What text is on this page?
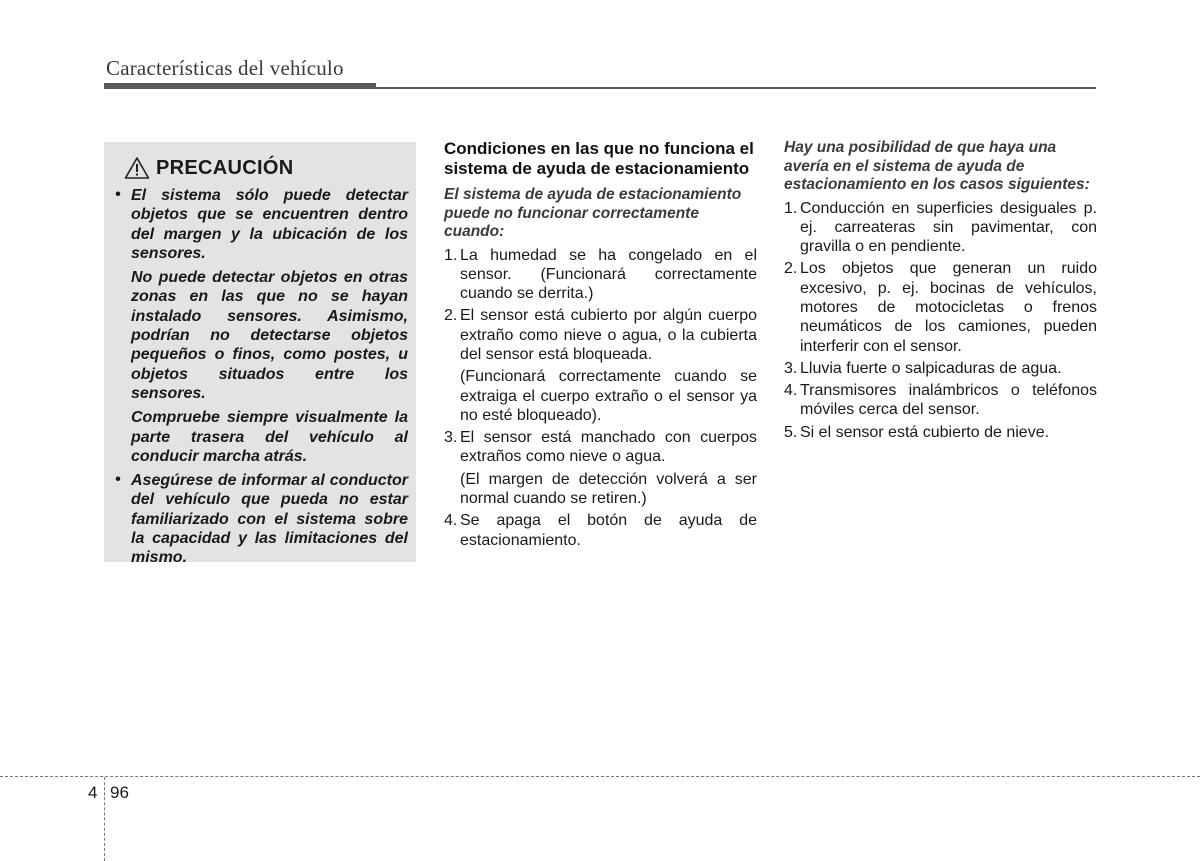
Características del vehículo
PRECAUCIÓN
• El sistema sólo puede detectar objetos que se encuentren dentro del margen y la ubicación de los sensores.

No puede detectar objetos en otras zonas en las que no se hayan instalado sensores. Asimismo, podrían no detectarse objetos pequeños o finos, como postes, u objetos situados entre los sensores.

Compruebe siempre visualmente la parte trasera del vehículo al conducir marcha atrás.

• Asegúrese de informar al conductor del vehículo que pueda no estar familiarizado con el sistema sobre la capacidad y las limitaciones del mismo.

Condiciones en las que no funciona el sistema de ayuda de estacionamiento

El sistema de ayuda de estacionamiento puede no funcionar correctamente cuando:

1. La humedad se ha congelado en el sensor. (Funcionará correctamente cuando se derrita.)

2. El sensor está cubierto por algún cuerpo extraño como nieve o agua, o la cubierta del sensor está bloqueada.

(Funcionará correctamente cuando se extraiga el cuerpo extraño o el sensor ya no esté bloqueado).

3. El sensor está manchado con cuerpos extraños como nieve o agua.

(El margen de detección volverá a ser normal cuando se retiren.)

4. Se apaga el botón de ayuda de estacionamiento.

Hay una posibilidad de que haya una avería en el sistema de ayuda de estacionamiento en los casos siguientes:

1. Conducción en superficies desiguales p. ej. carreateras sin pavimentar, con gravilla o en pendiente.

2. Los objetos que generan un ruido excesivo, p. ej. bocinas de vehículos, motores de motocicletas o frenos neumáticos de los camiones, pueden interferir con el sensor.

3. Lluvia fuerte o salpicaduras de agua.

4. Transmisores inalámbricos o teléfonos móviles cerca del sensor.

5. Si el sensor está cubierto de nieve.

4 96
